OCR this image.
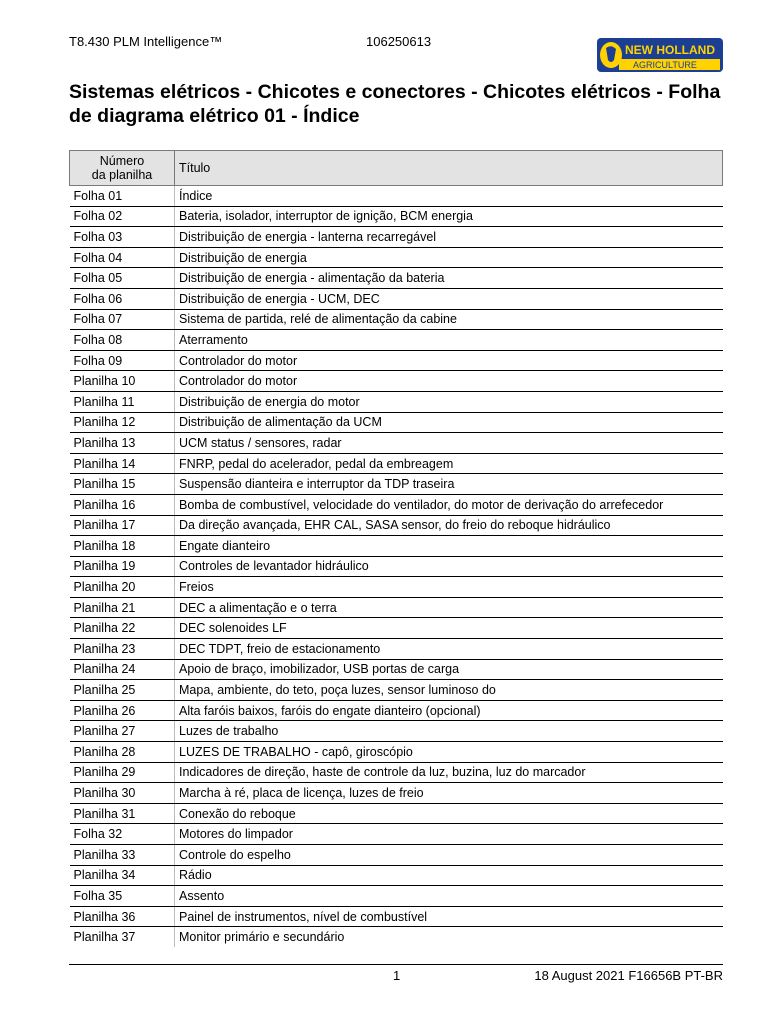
T8.430 PLM Intelligence™	106250613
NEW HOLLAND
AGRICULTURE
Sistemas elétricos - Chicotes e conectores - Chicotes elétricos - Folha de diagrama elétrico 01 - Índice
Número
da planilha	Título
Folha 01	Índice
Folha 02	Bateria, isolador, interruptor de ignição, BCM energia
Folha 03	Distribuição de energia - lanterna recarregável
Folha 04	Distribuição de energia
Folha 05	Distribuição de energia - alimentação da bateria
Folha 06	Distribuição de energia - UCM, DEC
Folha 07	Sistema de partida, relé de alimentação da cabine
Folha 08	Aterramento
Folha 09	Controlador do motor
Planilha 10	Controlador do motor
Planilha 11	Distribuição de energia do motor
Planilha 12	Distribuição de alimentação da UCM
Planilha 13	UCM status / sensores, radar
Planilha 14	FNRP, pedal do acelerador, pedal da embreagem
Planilha 15	Suspensão dianteira e interruptor da TDP traseira
Planilha 16	Bomba de combustível, velocidade do ventilador, do motor de derivação do arrefecedor
Planilha 17	Da direção avançada, EHR CAL, SASA sensor, do freio do reboque hidráulico
Planilha 18	Engate dianteiro
Planilha 19	Controles de levantador hidráulico
Planilha 20	Freios
Planilha 21	DEC a alimentação e o terra
Planilha 22	DEC solenoides LF
Planilha 23	DEC TDPT, freio de estacionamento
Planilha 24	Apoio de braço, imobilizador, USB portas de carga
Planilha 25	Mapa, ambiente, do teto, poça luzes, sensor luminoso do
Planilha 26	Alta faróis baixos, faróis do engate dianteiro (opcional)
Planilha 27	Luzes de trabalho
Planilha 28	LUZES DE TRABALHO - capô, giroscópio
Planilha 29	Indicadores de direção, haste de controle da luz, buzina, luz do marcador
Planilha 30	Marcha à ré, placa de licença, luzes de freio
Planilha 31	Conexão do reboque
Folha 32	Motores do limpador
Planilha 33	Controle do espelho
Planilha 34	Rádio
Folha 35	Assento
Planilha 36	Painel de instrumentos, nível de combustível
Planilha 37	Monitor primário e secundário
1	18 August 2021 F16656B PT-BR
